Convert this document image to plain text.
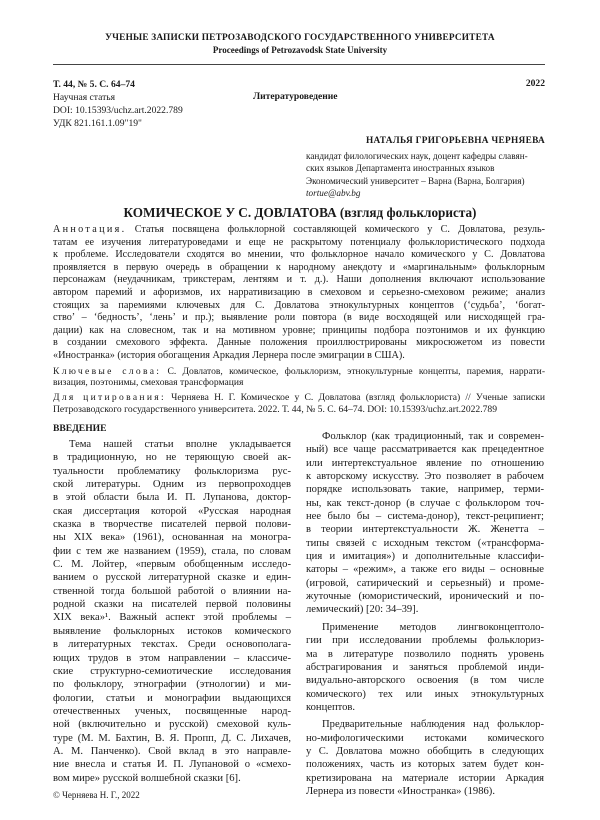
УЧЕНЫЕ ЗАПИСКИ ПЕТРОЗАВОДСКОГО ГОСУДАРСТВЕННОГО УНИВЕРСИТЕТА
Proceedings of Petrozavodsk State University
Т. 44, № 5. С. 64–74	2022
Научная статья	Литературоведение
DOI: 10.15393/uchz.art.2022.789
УДК 821.161.1.09"19"
НАТАЛЬЯ ГРИГОРЬЕВНА ЧЕРНЯЕВА
кандидат филологических наук, доцент кафедры славян-
ских языков Департамента иностранных языков
Экономический университет – Варна (Варна, Болгария)
tortue@abv.bg
КОМИЧЕСКОЕ У С. ДОВЛАТОВА (взгляд фольклориста)
Аннотация. Статья посвящена фольклорной составляющей комического у С. Довлатова, резуль-
татам ее изучения литературоведами и еще не раскрытому потенциалу фольклористического подхода
к проблеме. Исследователи сходятся во мнении, что фольклорное начало комического у С. Довлатова
проявляется в первую очередь в обращении к народному анекдоту и «маргинальным» фольклорным
персонажам (неудачникам, трикстерам, лентяям и т. д.). Наши дополнения включают использование
автором паремий и афоризмов, их нарративизацию в смеховом и серьезно-смеховом режиме; анализ
стоящих за паремиями ключевых для С. Довлатова этнокультурных концептов (‘судьба’, ‘богат-
ство’ – ‘бедность’, ‘лень’ и пр.); выявление роли повтора (в виде восходящей или нисходящей гра-
дации) как на словесном, так и на мотивном уровне; принципы подбора поэтонимов и их функцию
в создании смехового эффекта. Данные положения проиллюстрированы микросюжетом из повести
«Иностранка» (история обогащения Аркадия Лернера после эмиграции в США).
Ключевые слова: С. Довлатов, комическое, фольклоризм, этнокультурные концепты, паремия, наррати-
визация, поэтонимы, смеховая трансформация
Для цитирования: Черняева Н. Г. Комическое у С. Довлатова (взгляд фольклориста) // Ученые записки
Петрозаводского государственного университета. 2022. Т. 44, № 5. С. 64–74. DOI: 10.15393/uchz.art.2022.789
ВВЕДЕНИЕ
Тема нашей статьи вполне укладывается
в традиционную, но не теряющую своей ак-
туальности проблематику фольклоризма рус-
ской литературы. Одним из первопроходцев
в этой области была И. П. Лупанова, доктор-
ская диссертация которой «Русская народная
сказка в творчестве писателей первой полови-
ны XIX века» (1961), основанная на моногра-
фии с тем же названием (1959), стала, по словам
С. М. Лойтер, «первым обобщенным исследо-
ванием о русской литературной сказке и един-
ственной тогда большой работой о влиянии на-
родной сказки на писателей первой половины
XIX века»¹. Важный аспект этой проблемы –
выявление фольклорных истоков комического
в литературных текстах. Среди основополага-
ющих трудов в этом направлении – классиче-
ские структурно-семиотические исследования
по фольклору, этнографии (этнологии) и ми-
фологии, статьи и монографии выдающихся
отечественных ученых, посвященные народ-
ной (включительно и русской) смеховой куль-
туре (М. М. Бахтин, В. Я. Пропп, Д. С. Лихачев,
А. М. Панченко). Свой вклад в это направле-
ние внесла и статья И. П. Лупановой о «смехо-
вом мире» русской волшебной сказки [6].
Фольклор (как традиционный, так и современ-
ный) все чаще рассматривается как прецедентное
или интертекстуальное явление по отношению
к авторскому искусству. Это позволяет в рабочем
порядке использовать такие, например, терми-
ны, как текст-донор (в случае с фольклором точ-
нее было бы – система-донор), текст-реципиент;
в теории интертекстуальности Ж. Женетта –
типы связей с исходным текстом («трансформа-
ция и имитация») и дополнительные классифи-
каторы – «режим», а также его виды – основные
(игровой, сатирический и серьезный) и проме-
жуточные (юмористический, иронический и по-
лемический) [20: 34–39].
Применение методов лингвоконцептоло-
гии при исследовании проблемы фольклориз-
ма в литературе позволило поднять уровень
абстрагирования и заняться проблемой инди-
видуально-авторского освоения (в том числе
комического) тех или иных этнокультурных
концептов.
Предварительные наблюдения над фольклор-
но-мифологическими истоками комического
у С. Довлатова можно обобщить в следующих
положениях, часть из которых затем будет кон-
кретизирована на материале истории Аркадия
Лернера из повести «Иностранка» (1986).
© Черняева Н. Г., 2022
